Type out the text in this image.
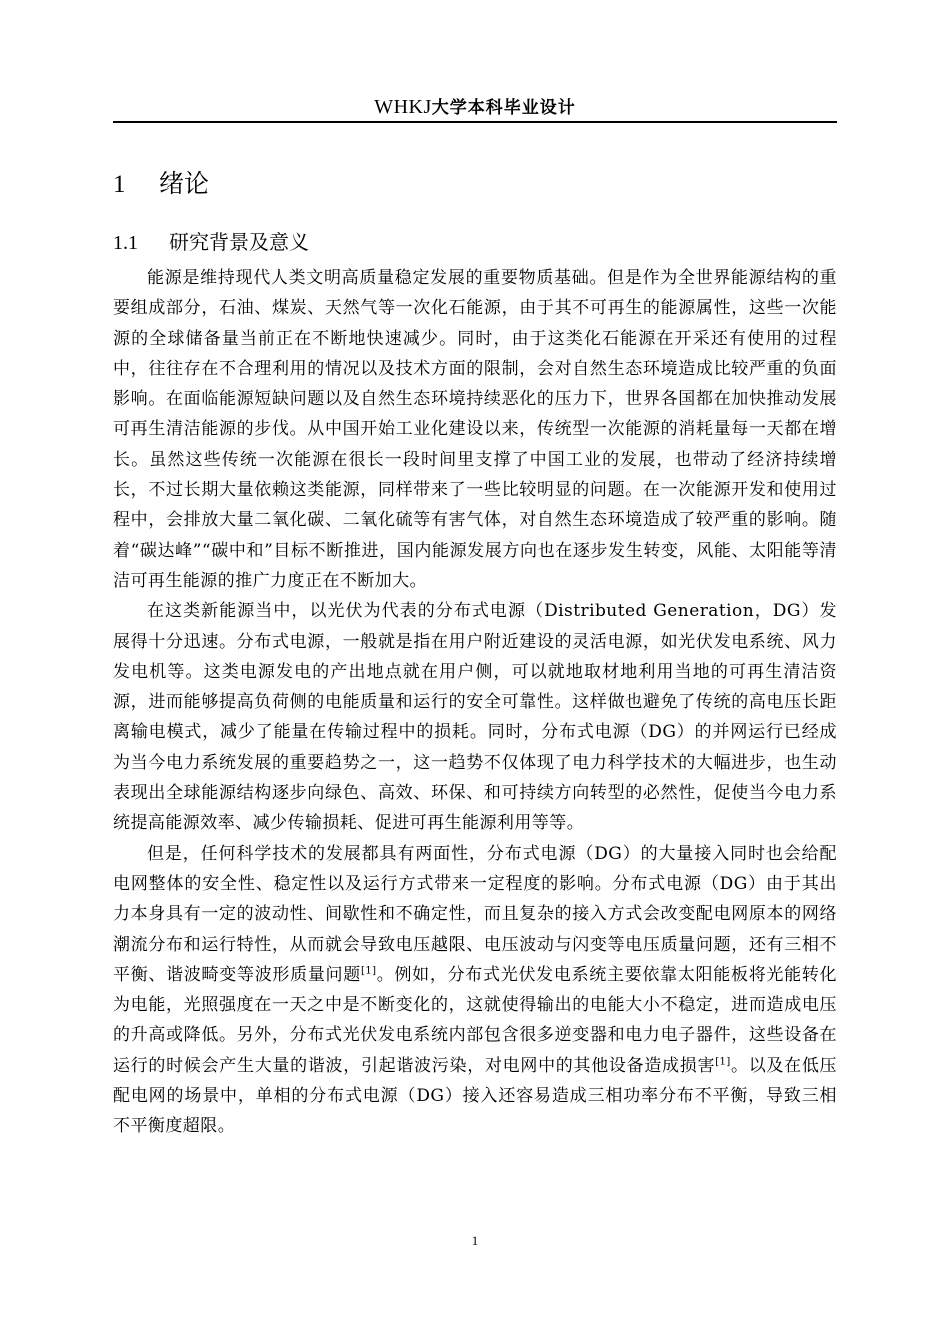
WHKJ大学本科毕业设计
1 绪论
1.1 研究背景及意义

能源是维持现代人类文明高质量稳定发展的重要物质基础。但是作为全世界能源结构的重要组成部分，石油、煤炭、天然气等一次化石能源，由于其不可再生的能源属性，这些一次能源的全球储备量当前正在不断地快速减少。同时，由于这类化石能源在开采还有使用的过程中，往往存在不合理利用的情况以及技术方面的限制，会对自然生态环境造成比较严重的负面影响。在面临能源短缺问题以及自然生态环境持续恶化的压力下，世界各国都在加快推动发展可再生清洁能源的步伐。从中国开始工业化建设以来，传统型一次能源的消耗量每一天都在增长。虽然这些传统一次能源在很长一段时间里支撑了中国工业的发展，也带动了经济持续增长，不过长期大量依赖这类能源，同样带来了一些比较明显的问题。在一次能源开发和使用过程中，会排放大量二氧化碳、二氧化硫等有害气体，对自然生态环境造成了较严重的影响。随着“碳达峰”“碳中和”目标不断推进，国内能源发展方向也在逐步发生转变，风能、太阳能等清洁可再生能源的推广力度正在不断加大。

在这类新能源当中，以光伏为代表的分布式电源（Distributed Generation，DG）发展得十分迅速。分布式电源，一般就是指在用户附近建设的灵活电源，如光伏发电系统、风力发电机等。这类电源发电的产出地点就在用户侧，可以就地取材地利用当地的可再生清洁资源，进而能够提高负荷侧的电能质量和运行的安全可靠性。这样做也避免了传统的高电压长距离输电模式，减少了能量在传输过程中的损耗。同时，分布式电源（DG）的并网运行已经成为当今电力系统发展的重要趋势之一，这一趋势不仅体现了电力科学技术的大幅进步，也生动表现出全球能源结构逐步向绿色、高效、环保、和可持续方向转型的必然性，促使当今电力系统提高能源效率、减少传输损耗、促进可再生能源利用等等。

但是，任何科学技术的发展都具有两面性，分布式电源（DG）的大量接入同时也会给配电网整体的安全性、稳定性以及运行方式带来一定程度的影响。分布式电源（DG）由于其出力本身具有一定的波动性、间歇性和不确定性，而且复杂的接入方式会改变配电网原本的网络潮流分布和运行特性，从而就会导致电压越限、电压波动与闪变等电压质量问题，还有三相不平衡、谐波畸变等波形质量问题[1]。例如，分布式光伏发电系统主要依靠太阳能板将光能转化为电能，光照强度在一天之中是不断变化的，这就使得输出的电能大小不稳定，进而造成电压的升高或降低。另外，分布式光伏发电系统内部包含很多逆变器和电力电子器件，这些设备在运行的时候会产生大量的谐波，引起谐波污染，对电网中的其他设备造成损害[1]。以及在低压配电网的场景中，单相的分布式电源（DG）接入还容易造成三相功率分布不平衡，导致三相不平衡度超限。

1
